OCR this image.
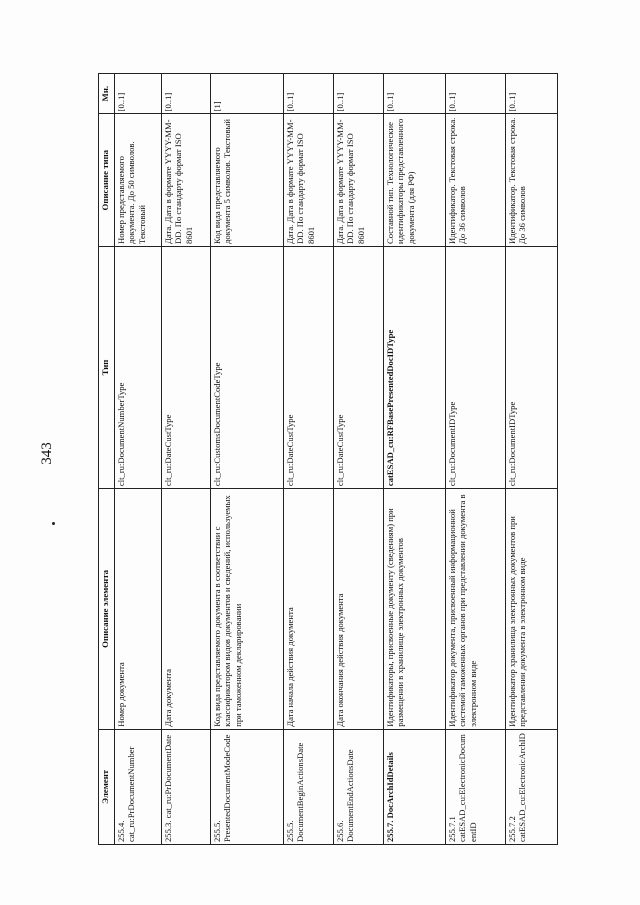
343
Элемент	Описание элемента	Тип	Описание типа	Мн.
255.4. cat_ru:PrDocumentNumber	Номер документа	clt_ru:DocumentNumberType	Номер представляемого документа. До 50 символов. Текстовый	[0..1]
255.3. cat_ru:PrDocumentDate	Дата документа	clt_ru:DateCustType	Дата. Дата в формате YYYY-MM-DD. По стандарту формат ISO 8601	[0..1]
255.5. PresentedDocumentModeCode	Код вида представляемого документа в соответствии с классификатором видов документов и сведений, используемых при таможенном декларировании	clt_ru:CustomsDocumentCodeType	Код вида представляемого документа 5 символов. Текстовый	[1]
255.5. DocumentBeginActionsDate	Дата начала действия документа	clt_ru:DateCustType	Дата. Дата в формате YYYY-MM-DD. По стандарту формат ISO 8601	[0..1]
255.6. DocumentEndActionsDate	Дата окончания действия документа	clt_ru:DateCustType	Дата. Дата в формате YYYY-MM-DD. По стандарту формат ISO 8601	[0..1]
255.7. DocArchIdDetails	Идентификаторы, присвоенные документу (сведениям) при размещении в хранилище электронных документов	catESAD_cu:RFBasePresentedDocIDType	Составной тип. Технологические идентификаторы представленного документа (для РФ)	[0..1]
255.7.1 catESAD_cu:ElectronicDocumentID	Идентификатор документа, присвоенный информационной системой таможенных органов при представлении документа в электронном виде	clt_ru:DocumentIDType	Идентификатор. Текстовая строка. До 36 символов	[0..1]
255.7.2 catESAD_cu:ElectronicArchID	Идентификатор хранилища электронных документов при представлении документа в электронном виде	clt_ru:DocumentIDType	Идентификатор. Текстовая строка. До 36 символов	[0..1]
